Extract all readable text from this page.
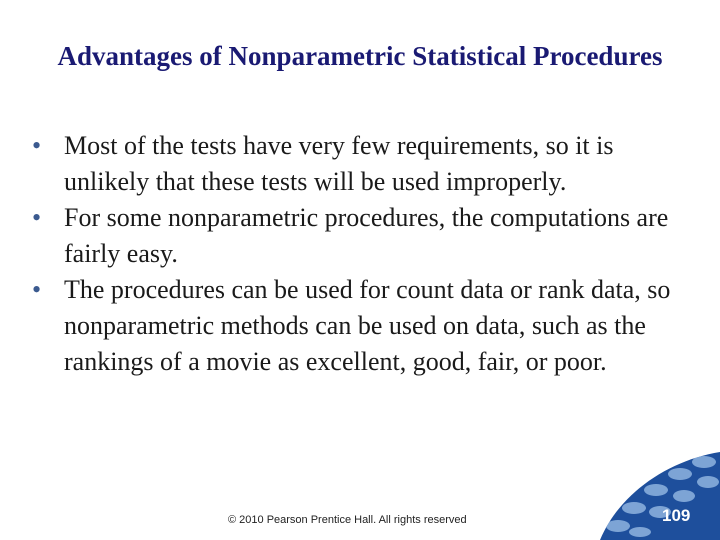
Advantages of Nonparametric Statistical Procedures
• Most of the tests have very few requirements, so it is unlikely that these tests will be used improperly.
• For some nonparametric procedures, the computations are fairly easy.
• The procedures can be used for count data or rank data, so nonparametric methods can be used on data, such as the rankings of a movie as excellent, good, fair, or poor.
© 2010 Pearson Prentice Hall. All rights reserved	109
